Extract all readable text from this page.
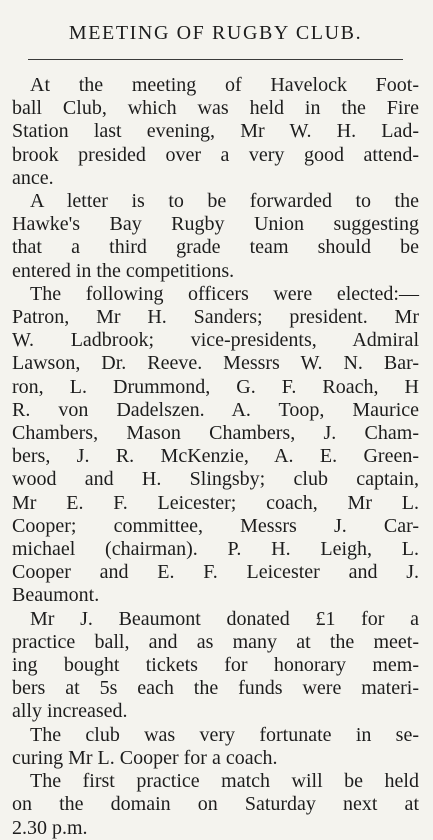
MEETING OF RUGBY CLUB.

At the meeting of Havelock Foot-
ball Club, which was held in the Fire
Station last evening, Mr W. H. Lad-
brook presided over a very good attend-
ance.

A letter is to be forwarded to the
Hawke's Bay Rugby Union suggesting
that a third grade team should be
entered in the competitions.

The following officers were elected:—
Patron, Mr H. Sanders; president. Mr
W. Ladbrook; vice-presidents, Admiral
Lawson, Dr. Reeve. Messrs W. N. Bar-
ron, L. Drummond, G. F. Roach, H
R. von Dadelszen. A. Toop, Maurice
Chambers, Mason Chambers, J. Cham-
bers, J. R. McKenzie, A. E. Green-
wood and H. Slingsby; club captain,
Mr E. F. Leicester; coach, Mr L.
Cooper; committee, Messrs J. Car-
michael (chairman). P. H. Leigh, L.
Cooper and E. F. Leicester and J.
Beaumont.

Mr J. Beaumont donated £1 for a
practice ball, and as many at the meet-
ing bought tickets for honorary mem-
bers at 5s each the funds were materi-
ally increased.

The club was very fortunate in se-
curing Mr L. Cooper for a coach.

The first practice match will be held
on the domain on Saturday next at
2.30 p.m.
